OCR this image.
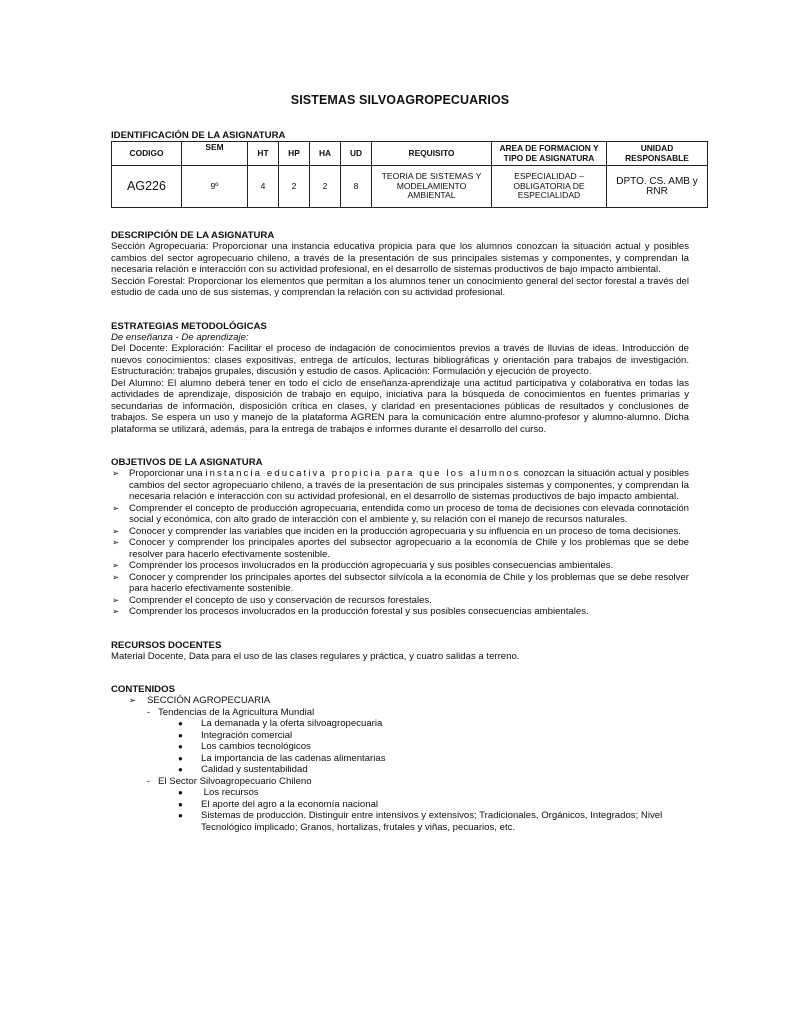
SISTEMAS SILVOAGROPECUARIOS
IDENTIFICACIÓN DE LA ASIGNATURA
CODIGO	SEM	HT	HP	HA	UD	REQUISITO	AREA DE FORMACION Y TIPO DE ASIGNATURA	UNIDAD RESPONSABLE
AG226	9º	4	2	2	8	TEORIA DE SISTEMAS Y MODELAMIENTO AMBIENTAL	ESPECIALIDAD – OBLIGATORIA DE ESPECIALIDAD	DPTO. CS. AMB y RNR
DESCRIPCIÓN DE LA ASIGNATURA

Sección Agropecuaria: Proporcionar una instancia educativa propicia para que los alumnos conozcan la situación actual y posibles cambios del sector agropecuario chileno, a través de la presentación de sus principales sistemas y componentes, y comprendan la necesaria relación e interacción con su actividad profesional, en el desarrollo de sistemas productivos de bajo impacto ambiental.

Sección Forestal: Proporcionar los elementos que permitan a los alumnos tener un conocimiento general del sector forestal a través del estudio de cada uno de sus sistemas, y comprendan la relación con su actividad profesional.

ESTRATEGIAS METODOLÓGICAS
De enseñanza - De aprendizaje:

Del Docente: Exploración: Facilitar el proceso de indagación de conocimientos previos a través de lluvias de ideas. Introducción de nuevos conocimientos: clases expositivas, entrega de artículos, lecturas bibliográficas y orientación para trabajos de investigación. Estructuración: trabajos grupales, discusión y estudio de casos. Aplicación: Formulación y ejecución de proyecto.

Del Alumno: El alumno deberá tener en todo el ciclo de enseñanza-aprendizaje una actitud participativa y colaborativa en todas las actividades de aprendizaje, disposición de trabajo en equipo, iniciativa para la búsqueda de conocimientos en fuentes primarias y secundarias de información, disposición crítica en clases, y claridad en presentaciones públicas de resultados y conclusiones de trabajos. Se espera un uso y manejo de la plataforma AGREN para la comunicación entre alumno-profesor y alumno-alumno. Dicha plataforma se utilizará, además, para la entrega de trabajos e informes durante el desarrollo del curso.

OBJETIVOS DE LA ASIGNATURA
➢ Proporcionar una instancia educativa propicia para que los alumnos conozcan la situación actual y posibles cambios del sector agropecuario chileno, a través de la presentación de sus principales sistemas y componentes, y comprendan la necesaria relación e interacción con su actividad profesional, en el desarrollo de sistemas productivos de bajo impacto ambiental.
➢ Comprender el concepto de producción agropecuaria, entendida como un proceso de toma de decisiones con elevada connotación social y económica, con alto grado de interacción con el ambiente y, su relación con el manejo de recursos naturales.
➢ Conocer y comprender las variables que inciden en la producción agropecuaria y su influencia en un proceso de toma decisiones.
➢ Conocer y comprender los principales aportes del subsector agropecuario a la economía de Chile y los problemas que se debe resolver para hacerlo efectivamente sostenible.
➢ Comprender los procesos involucrados en la producción agropecuaria y sus posibles consecuencias ambientales.
➢ Conocer y comprender los principales aportes del subsector silvícola a la economía de Chile y los problemas que se debe resolver para hacerlo efectivamente sostenible.
➢ Comprender el concepto de uso y conservación de recursos forestales.
➢ Comprender los procesos involucrados en la producción forestal y sus posibles consecuencias ambientales.
RECURSOS DOCENTES

Material Docente, Data para el uso de las clases regulares y práctica, y cuatro salidas a terreno.

CONTENIDOS
➢ SECCIÓN AGROPECUARIA
- Tendencias de la Agricultura Mundial
● La demanada y la oferta silvoagropecuaria
● Integración comercial
● Los cambios tecnológicos
● La importancia de las cadenas alimentarias
● Calidad y sustentabilidad
- El Sector Silvoagropecuario Chileno
● Los recursos
● El aporte del agro a la economía nacional
● Sistemas de producción. Distinguir entre intensivos y extensivos; Tradicionales, Orgánicos, Integrados; Nivel Tecnológico implicado; Granos, hortalizas, frutales y viñas, pecuarios, etc.
